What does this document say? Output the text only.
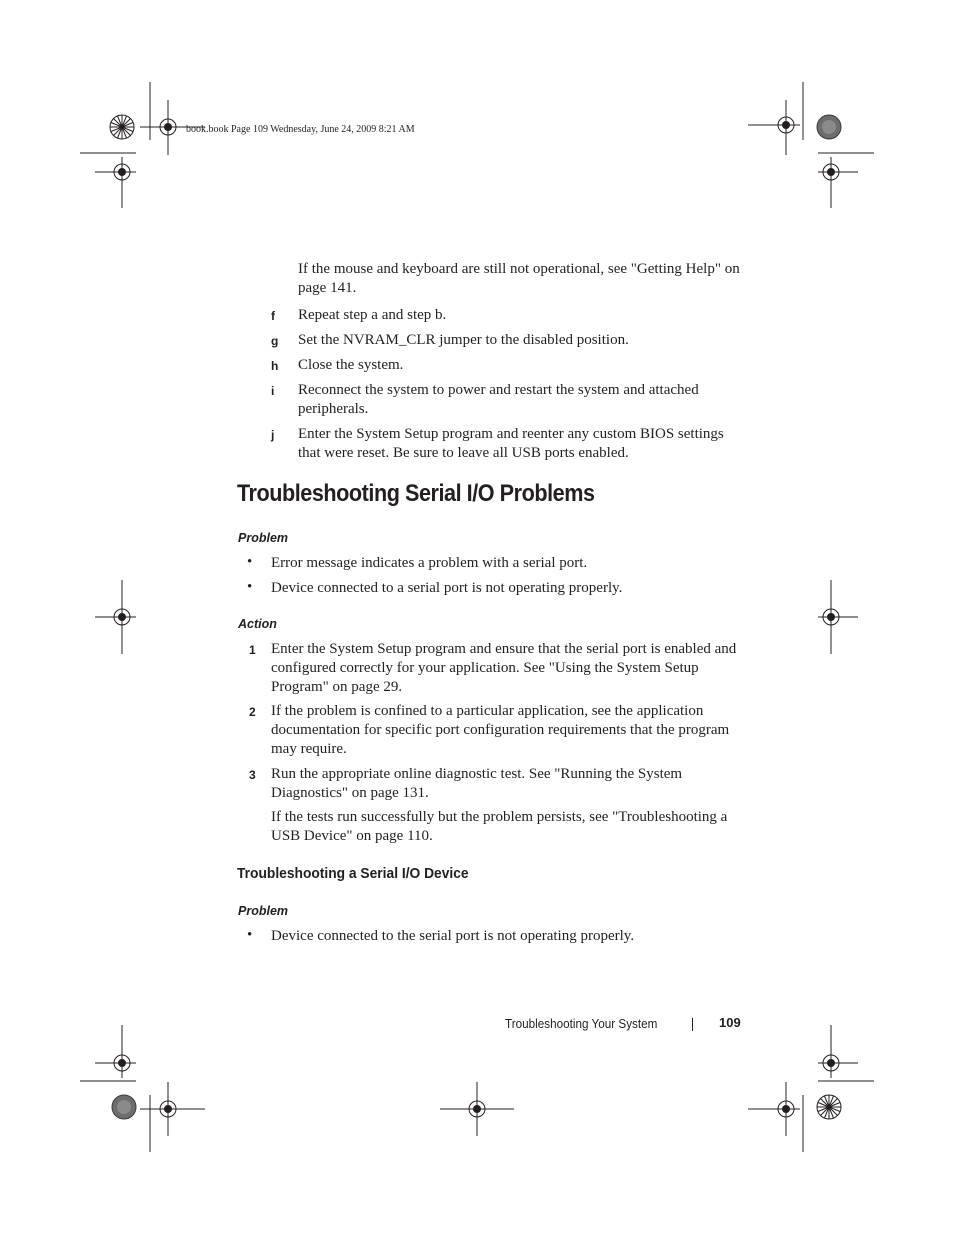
book.book Page 109 Wednesday, June 24, 2009 8:21 AM
If the mouse and keyboard are still not operational, see "Getting Help" on page 141.
f Repeat step a and step b.
g Set the NVRAM_CLR jumper to the disabled position.
h Close the system.
i Reconnect the system to power and restart the system and attached peripherals.
j Enter the System Setup program and reenter any custom BIOS settings that were reset. Be sure to leave all USB ports enabled.
Troubleshooting Serial I/O Problems
Problem
• Error message indicates a problem with a serial port.
• Device connected to a serial port is not operating properly.
Action
1 Enter the System Setup program and ensure that the serial port is enabled and configured correctly for your application. See "Using the System Setup Program" on page 29.
2 If the problem is confined to a particular application, see the application documentation for specific port configuration requirements that the program may require.
3 Run the appropriate online diagnostic test. See "Running the System Diagnostics" on page 131.
If the tests run successfully but the problem persists, see "Troubleshooting a USB Device" on page 110.
Troubleshooting a Serial I/O Device
Problem
• Device connected to the serial port is not operating properly.
Troubleshooting Your System	109
